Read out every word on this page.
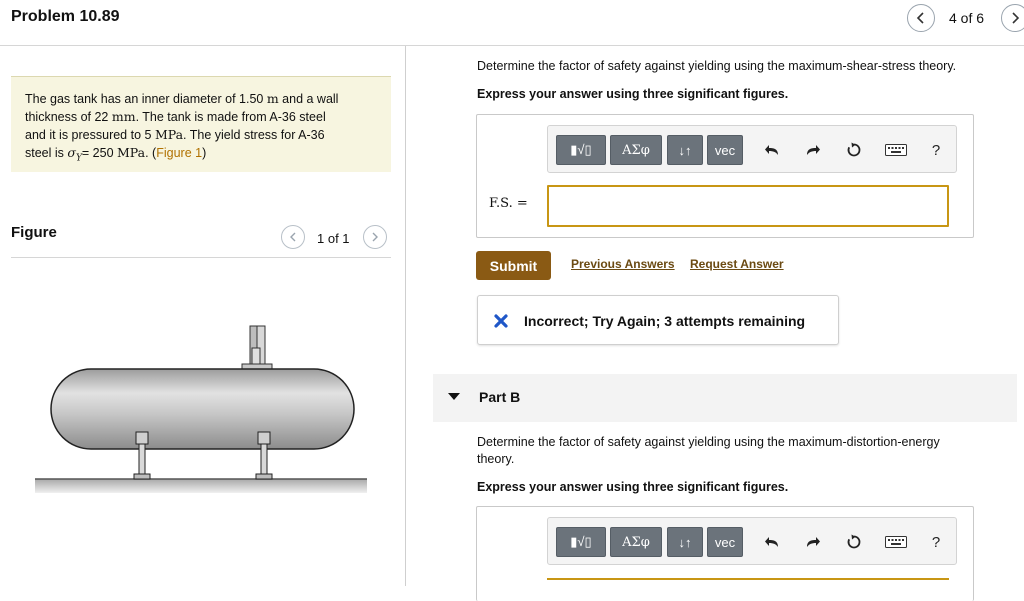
Problem 10.89	4 of 6
The gas tank has an inner diameter of 1.50 m and a wall
thickness of 22 mm. The tank is made from A-36 steel
and it is pressured to 5 MPa. The yield stress for A-36
steel is $\sigma_Y= 250$ MPa. (Figure 1)
Figure	1 of 1
Determine the factor of safety against yielding using the maximum-shear-stress theory.
Express your answer using three significant figures.
▮√▯ ΑΣφ ↓↑ vec	?
F.S. =
Submit	Previous Answers Request Answer
Incorrect; Try Again; 3 attempts remaining
Part B
Determine the factor of safety against yielding using the maximum-distortion-energy
theory.
Express your answer using three significant figures.
▮√▯ ΑΣφ ↓↑ vec	?
